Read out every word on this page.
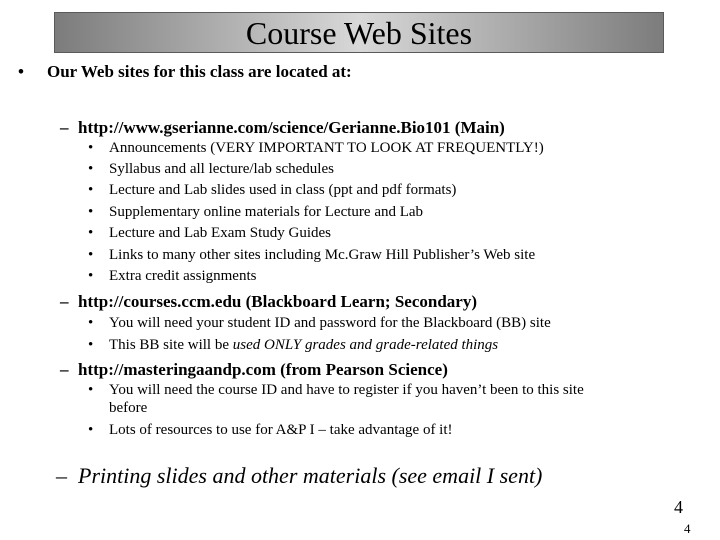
Course Web Sites
• Our Web sites for this class are located at:
– http://www.gserianne.com/science/Gerianne.Bio101 (Main)
• Announcements (VERY IMPORTANT TO LOOK AT FREQUENTLY!)
• Syllabus and all lecture/lab schedules
• Lecture and Lab slides used in class (ppt and pdf formats)
• Supplementary online materials for Lecture and Lab
• Lecture and Lab Exam Study Guides
• Links to many other sites including Mc.Graw Hill Publisher’s Web site
• Extra credit assignments
– http://courses.ccm.edu (Blackboard Learn; Secondary)
• You will need your student ID and password for the Blackboard (BB) site
• This BB site will be used ONLY grades and grade-related things
– http://masteringaandp.com (from Pearson Science)
• You will need the course ID and have to register if you haven’t been to this site
before
• Lots of resources to use for A&P I – take advantage of it!
– Printing slides and other materials (see email I sent)
4
4
